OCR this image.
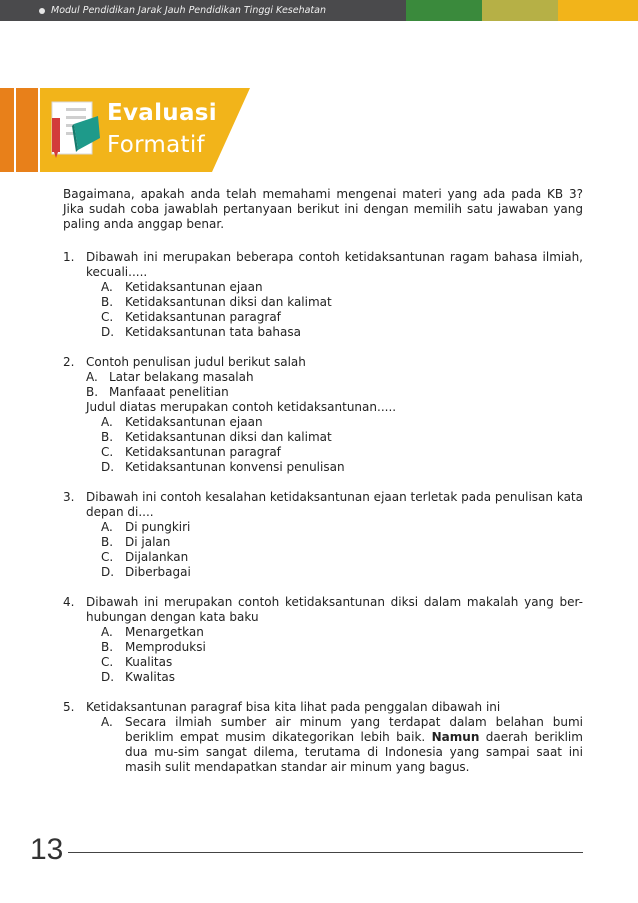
Modul Pendidikan Jarak Jauh Pendidikan Tinggi Kesehatan
Evaluasi
Formatif

Bagaimana, apakah anda telah memahami mengenai materi yang ada pada KB 3? Jika sudah coba jawablah pertanyaan berikut ini dengan memilih satu jawaban yang paling anda anggap benar.

1. Dibawah ini merupakan beberapa contoh ketidaksantunan ragam bahasa ilmiah, kecuali.....
A. Ketidaksantunan ejaan
B. Ketidaksantunan diksi dan kalimat
C. Ketidaksantunan paragraf
D. Ketidaksantunan tata bahasa
2. Contoh penulisan judul berikut salah
A. Latar belakang masalah
B. Manfaaat penelitian
Judul diatas merupakan contoh ketidaksantunan.....
A. Ketidaksantunan ejaan
B. Ketidaksantunan diksi dan kalimat
C. Ketidaksantunan paragraf
D. Ketidaksantunan konvensi penulisan
3. Dibawah ini contoh kesalahan ketidaksantunan ejaan terletak pada penulisan kata depan di....
A. Di pungkiri
B. Di jalan
C. Dijalankan
D. Diberbagai
4. Dibawah ini merupakan contoh ketidaksantunan diksi dalam makalah yang ber-hubungan dengan kata baku
A. Menargetkan
B. Memproduksi
C. Kualitas
D. Kwalitas
5. Ketidaksantunan paragraf bisa kita lihat pada penggalan dibawah ini
A. Secara ilmiah sumber air minum yang terdapat dalam belahan bumi beriklim empat musim dikategorikan lebih baik. Namun daerah beriklim dua mu-sim sangat dilema, terutama di Indonesia yang sampai saat ini masih sulit mendapatkan standar air minum yang bagus.
13
